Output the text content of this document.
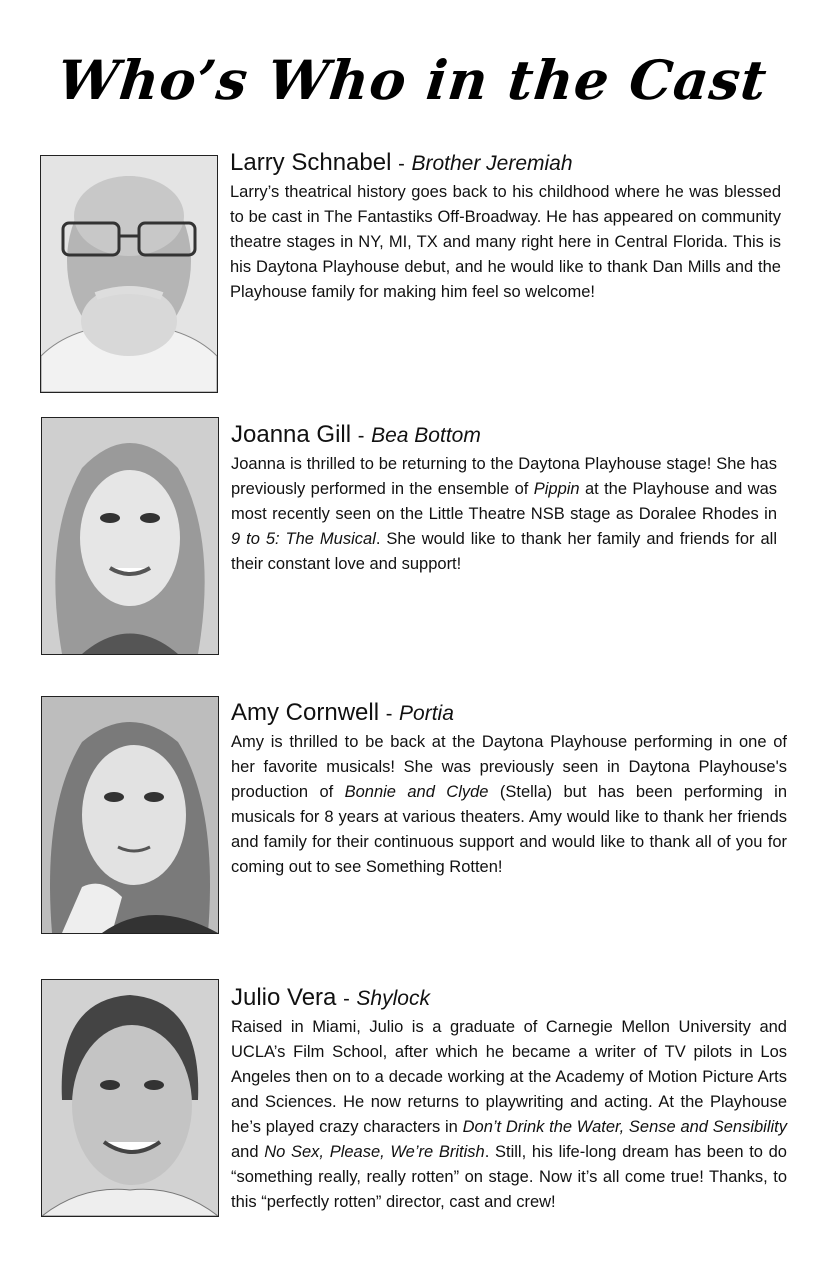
Who’s Who in the Cast
Larry Schnabel - Brother Jeremiah
Larry’s theatrical history goes back to his childhood where he was blessed to be cast in The Fantastiks Off-Broadway. He has appeared on community theatre stages in NY, MI, TX and many right here in Central Florida. This is his Daytona Playhouse debut, and he would like to thank Dan Mills and the Playhouse family for making him feel so welcome!
Joanna Gill - Bea Bottom
Joanna is thrilled to be returning to the Daytona Playhouse stage! She has previously performed in the ensemble of Pippin at the Playhouse and was most recently seen on the Little Theatre NSB stage as Doralee Rhodes in 9 to 5: The Musical. She would like to thank her family and friends for all their constant love and support!
Amy Cornwell - Portia
Amy is thrilled to be back at the Daytona Playhouse performing in one of her favorite musicals! She was previously seen in Daytona Playhouse's production of Bonnie and Clyde (Stella) but has been performing in musicals for 8 years at various theaters. Amy would like to thank her friends and family for their continuous support and would like to thank all of you for coming out to see Something Rotten!
Julio Vera - Shylock
Raised in Miami, Julio is a graduate of Carnegie Mellon University and UCLA’s Film School, after which he became a writer of TV pilots in Los Angeles then on to a decade working at the Academy of Motion Picture Arts and Sciences. He now returns to playwriting and acting. At the Playhouse he’s played crazy characters in Don’t Drink the Water, Sense and Sensibility and No Sex, Please, We’re British. Still, his life-long dream has been to do “something really, really rotten” on stage. Now it’s all come true! Thanks, to this “perfectly rotten” director, cast and crew!
